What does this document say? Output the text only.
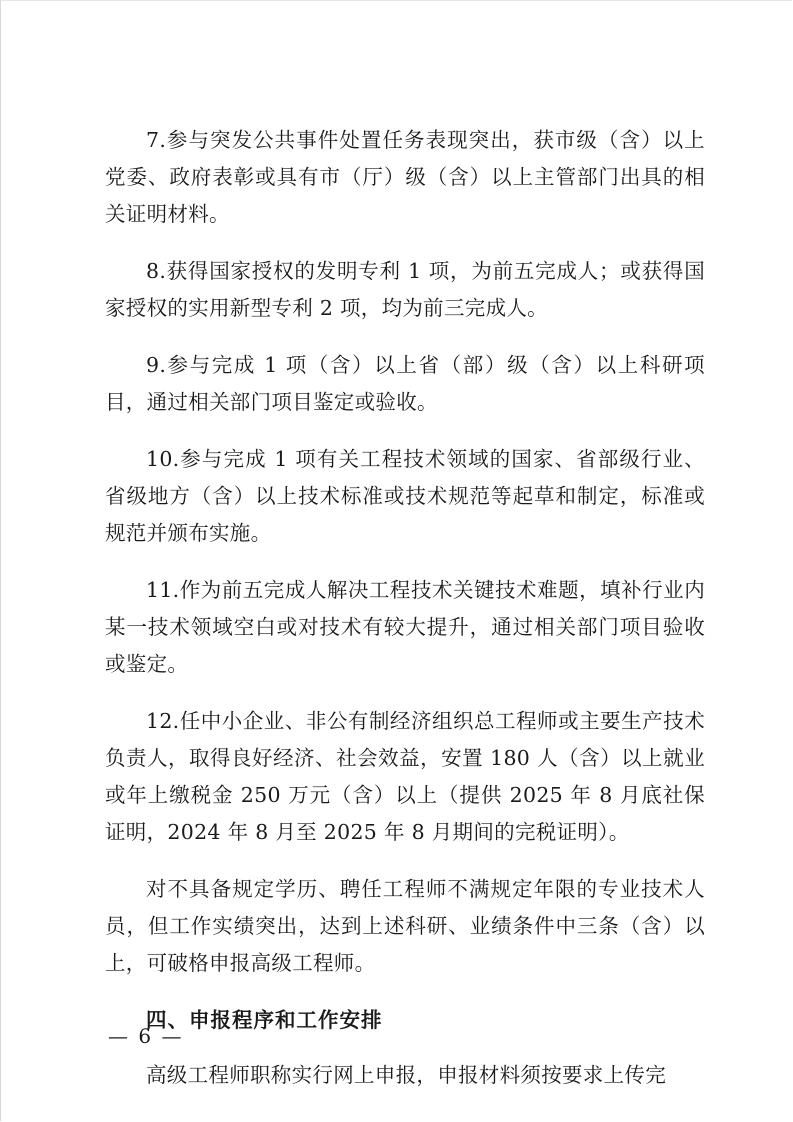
7.参与突发公共事件处置任务表现突出，获市级（含）以上党委、政府表彰或具有市（厅）级（含）以上主管部门出具的相关证明材料。

8.获得国家授权的发明专利 1 项，为前五完成人；或获得国家授权的实用新型专利 2 项，均为前三完成人。

9.参与完成 1 项（含）以上省（部）级（含）以上科研项目，通过相关部门项目鉴定或验收。

10.参与完成 1 项有关工程技术领域的国家、省部级行业、省级地方（含）以上技术标准或技术规范等起草和制定，标准或规范并颁布实施。

11.作为前五完成人解决工程技术关键技术难题，填补行业内某一技术领域空白或对技术有较大提升，通过相关部门项目验收或鉴定。

12.任中小企业、非公有制经济组织总工程师或主要生产技术负责人，取得良好经济、社会效益，安置 180 人（含）以上就业或年上缴税金 250 万元（含）以上（提供 2025 年 8 月底社保证明，2024 年 8 月至 2025 年 8 月期间的完税证明）。

对不具备规定学历、聘任工程师不满规定年限的专业技术人员，但工作实绩突出，达到上述科研、业绩条件中三条（含）以上，可破格申报高级工程师。

四、申报程序和工作安排

高级工程师职称实行网上申报，申报材料须按要求上传完

— 6 —
